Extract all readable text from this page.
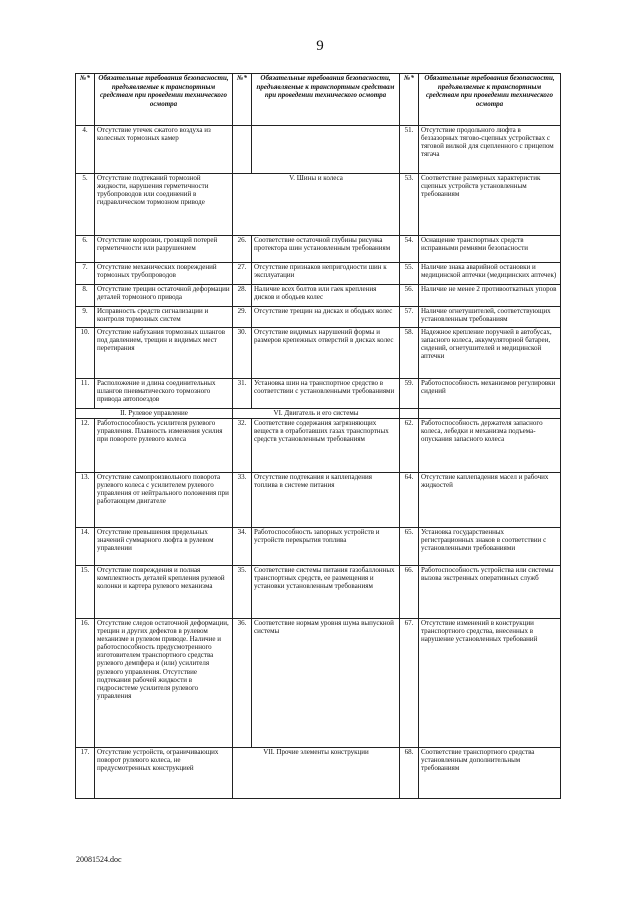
9
№*	Обязательные требования безопасности, предъявляемые к транспортным средствам при проведении технического осмотра	№*	Обязательные требования безопасности, предъявляемые к транспортным средствам при проведении технического осмотра	№*	Обязательные требования безопасности, предъявляемые к транспортным средствам при проведении технического осмотра
4.	Отсутствие утечек сжатого воздуха из колесных тормозных камер			51.	Отсутствие продольного люфта в беззазорных тягово-сцепных устройствах с тяговой вилкой для сцепленного с прицепом тягача
5.	Отсутствие подтеканий тормозной жидкости, нарушения герметичности трубопроводов или соединений в гидравлическом тормозном приводе	V. Шины и колеса		53.	Соответствие размерных характеристик сцепных устройств установленным требованиям
6.	Отсутствие коррозии, грозящей потерей герметичности или разрушением	26.	Соответствие остаточной глубины рисунка протектора шин установленным требованиям	54.	Оснащение транспортных средств исправными ремнями безопасности
7.	Отсутствие механических повреждений тормозных трубопроводов	27.	Отсутствие признаков непригодности шин к эксплуатации	55.	Наличие знака аварийной остановки и медицинской аптечки (медицинских аптечек)
8.	Отсутствие трещин остаточной деформации деталей тормозного привода	28.	Наличие всех болтов или гаек крепления дисков и ободьев колес	56.	Наличие не менее 2 противооткатных упоров
9.	Исправность средств сигнализации и контроля тормозных систем	29.	Отсутствие трещин на дисках и ободьях колес	57.	Наличие огнетушителей, соответствующих установленным требованиям
10.	Отсутствие набухания тормозных шлангов под давлением, трещин и видимых мест перетирания	30.	Отсутствие видимых нарушений формы и размеров крепежных отверстий в дисках колес	58.	Надежное крепление поручней в автобусах, запасного колеса, аккумуляторной батареи, сидений, огнетушителей и медицинской аптечки
11.	Расположение и длина соединительных шлангов пневматического тормозного привода автопоездов	31.	Установка шин на транспортное средство в соответствии с установленными требованиями	59.	Работоспособность механизмов регулировки сидений
II. Рулевое управление		VI. Двигатель и его системы			
12.	Работоспособность усилителя рулевого управления. Плавность изменения усилия при повороте рулевого колеса	32.	Соответствие содержания загрязняющих веществ в отработавших газах транспортных средств установленным требованиям	62.	Работоспособность держателя запасного колеса, лебедки и механизма подъема-опускания запасного колеса
13.	Отсутствие самопроизвольного поворота рулевого колеса с усилителем рулевого управления от нейтрального положения при работающем двигателе	33.	Отсутствие подтекания и каплепадения топлива в системе питания	64.	Отсутствие каплепадения масел и рабочих жидкостей
14.	Отсутствие превышения предельных значений суммарного люфта в рулевом управлении	34.	Работоспособность запорных устройств и устройств перекрытия топлива	65.	Установка государственных регистрационных знаков в соответствии с установленными требованиями
15.	Отсутствие повреждения и полная комплектность деталей крепления рулевой колонки и картера рулевого механизма	35.	Соответствие системы питания газобаллонных транспортных средств, ее размещения и установки установленным требованиям	66.	Работоспособность устройства или системы вызова экстренных оперативных служб
16.	Отсутствие следов остаточной деформации, трещин и других дефектов в рулевом механизме и рулевом приводе. Наличие и работоспособность предусмотренного изготовителем транспортного средства рулевого демпфера и (или) усилителя рулевого управления. Отсутствие подтекания рабочей жидкости в гидросистеме усилителя рулевого управления	36.	Соответствие нормам уровня шума выпускной системы	67.	Отсутствие изменений в конструкции транспортного средства, внесенных в нарушение установленных требований
17.	Отсутствие устройств, ограничивающих поворот рулевого колеса, не предусмотренных конструкцией	VII. Прочие элементы конструкции		68.	Соответствие транспортного средства установленным дополнительным требованиям
20081524.doc
